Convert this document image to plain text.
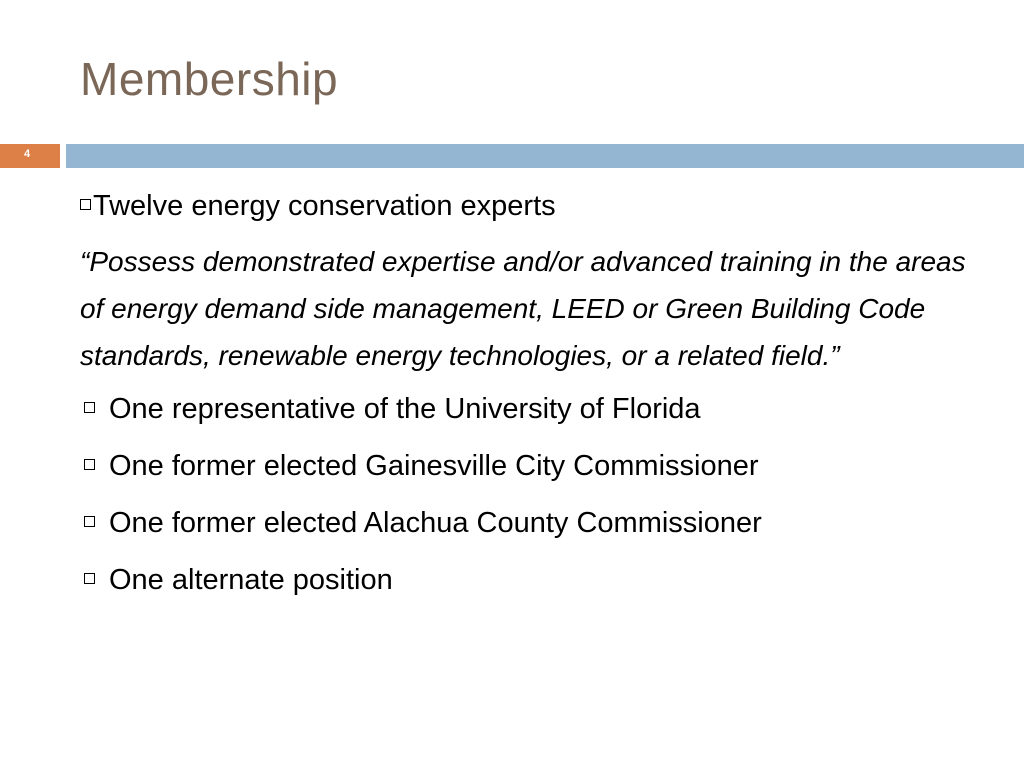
Membership
4
Twelve energy conservation experts
“Possess demonstrated expertise and/or advanced training in the areas of energy demand side management, LEED or Green Building Code standards, renewable energy technologies, or a related field.”
One representative of the University of Florida
One former elected Gainesville City Commissioner
One former elected Alachua County Commissioner
One alternate position
